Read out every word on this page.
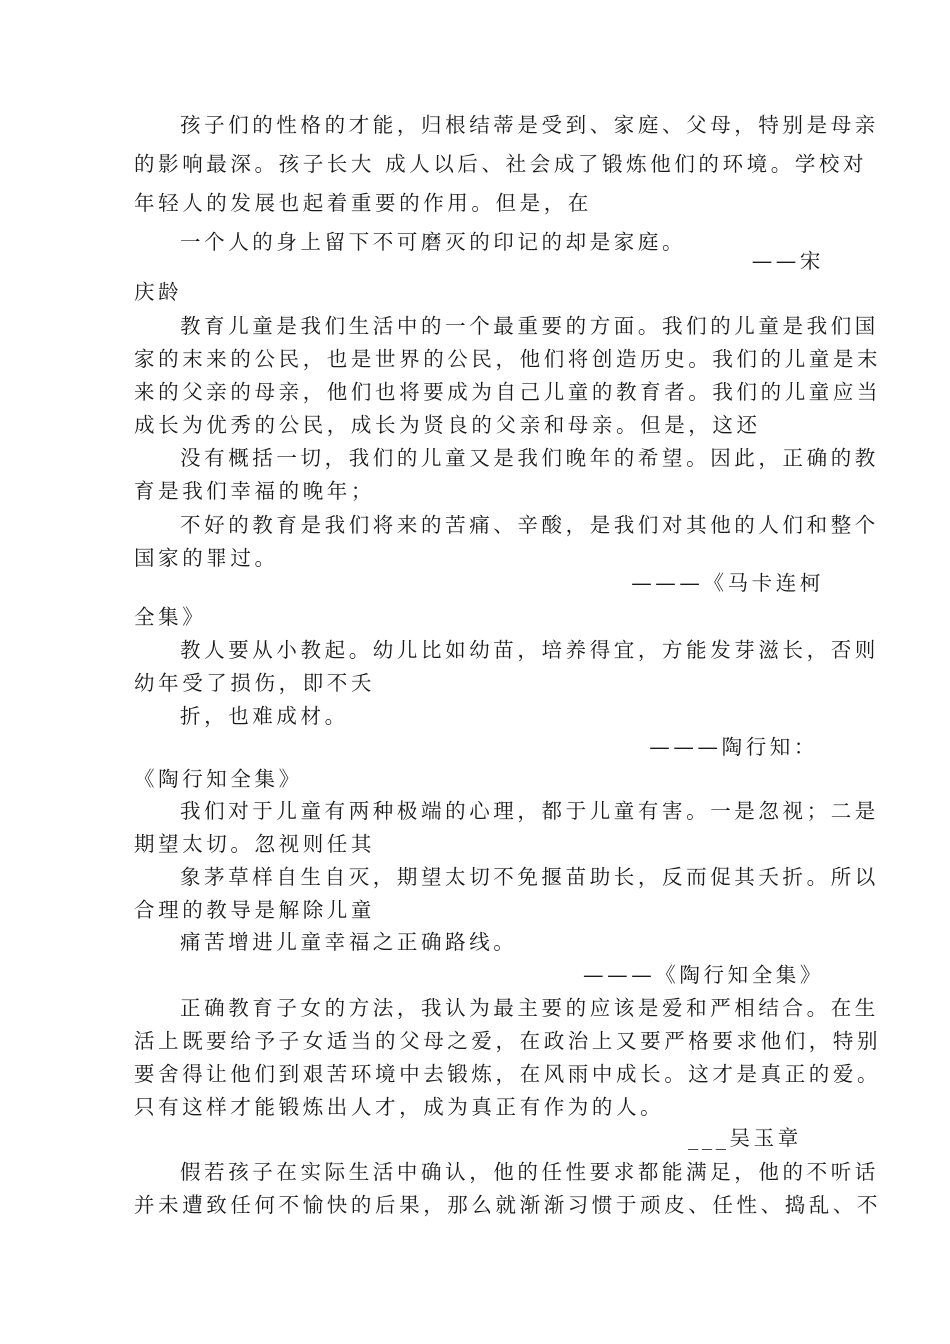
孩子们的性格的才能，归根结蒂是受到、家庭、父母，特别是母亲
的影响最深。孩子长大 成人以后、社会成了锻炼他们的环境。学校对
年轻人的发展也起着重要的作用。但是，在
一个人的身上留下不可磨灭的印记的却是家庭。
——宋
庆龄
教育儿童是我们生活中的一个最重要的方面。我们的儿童是我们国
家的末来的公民，也是世界的公民，他们将创造历史。我们的儿童是末
来的父亲的母亲，他们也将要成为自己儿童的教育者。我们的儿童应当
成长为优秀的公民，成长为贤良的父亲和母亲。但是，这还
没有概括一切，我们的儿童又是我们晚年的希望。因此，正确的教
育是我们幸福的晚年；
不好的教育是我们将来的苦痛、辛酸，是我们对其他的人们和整个
国家的罪过。
———《马卡连柯
全集》
教人要从小教起。幼儿比如幼苗，培养得宜，方能发芽滋长，否则
幼年受了损伤，即不夭
折，也难成材。
———陶行知：
《陶行知全集》
我们对于儿童有两种极端的心理，都于儿童有害。一是忽视；二是
期望太切。忽视则任其
象茅草样自生自灭，期望太切不免揠苗助长，反而促其夭折。所以
合理的教导是解除儿童
痛苦增进儿童幸福之正确路线。
———《陶行知全集》
正确教育子女的方法，我认为最主要的应该是爱和严相结合。在生
活上既要给予子女适当的父母之爱，在政治上又要严格要求他们，特别
要舍得让他们到艰苦环境中去锻炼，在风雨中成长。这才是真正的爱。
只有这样才能锻炼出人才，成为真正有作为的人。
___吴玉章
假若孩子在实际生活中确认，他的任性要求都能满足，他的不听话
并未遭致任何不愉快的后果，那么就渐渐习惯于顽皮、任性、捣乱、不
